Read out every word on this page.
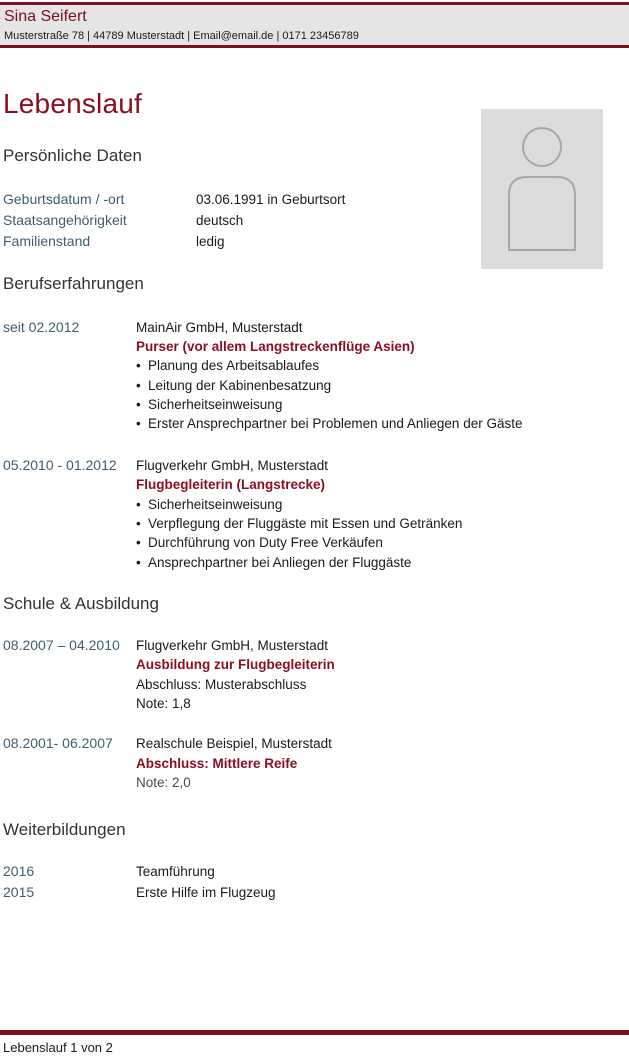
Sina Seifert
Musterstraße 78 | 44789 Musterstadt | Email@email.de | 0171 23456789
Lebenslauf
Persönliche Daten
Geburtsdatum / -ort	03.06.1991 in Geburtsort
Staatsangehörigkeit	deutsch
Familienstand	ledig
Berufserfahrungen
seit 02.2012	MainAir GmbH, Musterstadt
Purser (vor allem Langstreckenflüge Asien)
• Planung des Arbeitsablaufes
• Leitung der Kabinenbesatzung
• Sicherheitseinweisung
• Erster Ansprechpartner bei Problemen und Anliegen der Gäste
05.2010 - 01.2012 Flugverkehr GmbH, Musterstadt
Flugbegleiterin (Langstrecke)
• Sicherheitseinweisung
• Verpflegung der Fluggäste mit Essen und Getränken
• Durchführung von Duty Free Verkäufen
• Ansprechpartner bei Anliegen der Fluggäste
Schule & Ausbildung
08.2007 – 04.2010 Flugverkehr GmbH, Musterstadt
Ausbildung zur Flugbegleiterin
Abschluss: Musterabschluss
Note: 1,8
08.2001- 06.2007 Realschule Beispiel, Musterstadt
Abschluss: Mittlere Reife
Note: 2,0
Weiterbildungen
2016	Teamführung
2015	Erste Hilfe im Flugzeug
Lebenslauf 1 von 2
